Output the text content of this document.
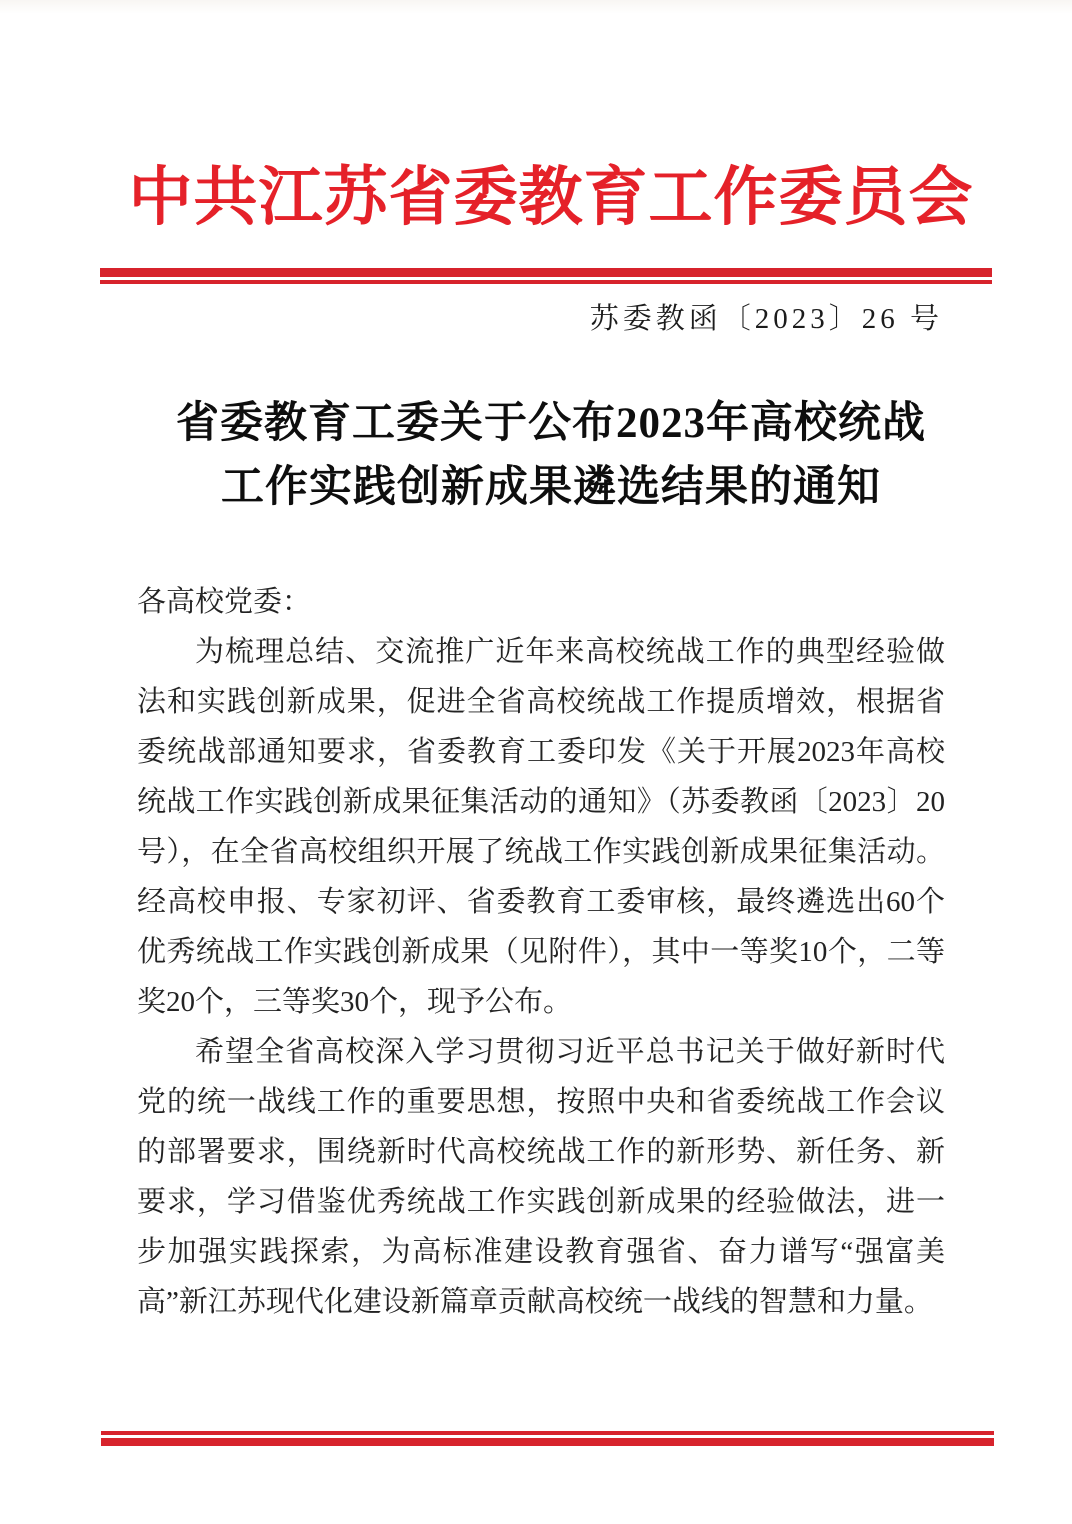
中共江苏省委教育工作委员会
苏委教函〔2023〕26 号
省委教育工委关于公布2023年高校统战
工作实践创新成果遴选结果的通知

各高校党委：

为梳理总结、交流推广近年来高校统战工作的典型经验做法和实践创新成果，促进全省高校统战工作提质增效，根据省委统战部通知要求，省委教育工委印发《关于开展2023年高校统战工作实践创新成果征集活动的通知》（苏委教函〔2023〕20号），在全省高校组织开展了统战工作实践创新成果征集活动。经高校申报、专家初评、省委教育工委审核，最终遴选出60个优秀统战工作实践创新成果（见附件），其中一等奖10个，二等奖20个，三等奖30个，现予公布。

希望全省高校深入学习贯彻习近平总书记关于做好新时代党的统一战线工作的重要思想，按照中央和省委统战工作会议的部署要求，围绕新时代高校统战工作的新形势、新任务、新要求，学习借鉴优秀统战工作实践创新成果的经验做法，进一步加强实践探索，为高标准建设教育强省、奋力谱写“强富美高”新江苏现代化建设新篇章贡献高校统一战线的智慧和力量。
